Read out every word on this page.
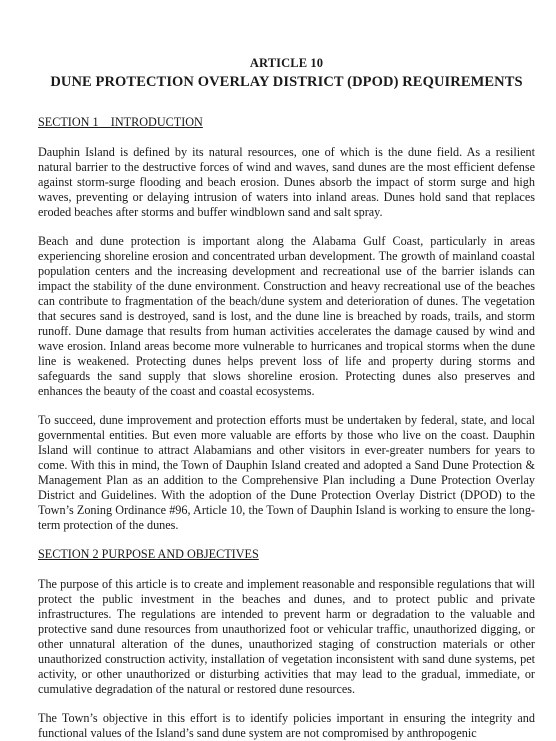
ARTICLE 10
DUNE PROTECTION OVERLAY DISTRICT (DPOD) REQUIREMENTS
SECTION 1    INTRODUCTION

Dauphin Island is defined by its natural resources, one of which is the dune field. As a resilient natural barrier to the destructive forces of wind and waves, sand dunes are the most efficient defense against storm-surge flooding and beach erosion. Dunes absorb the impact of storm surge and high waves, preventing or delaying intrusion of waters into inland areas. Dunes hold sand that replaces eroded beaches after storms and buffer windblown sand and salt spray.

Beach and dune protection is important along the Alabama Gulf Coast, particularly in areas experiencing shoreline erosion and concentrated urban development. The growth of mainland coastal population centers and the increasing development and recreational use of the barrier islands can impact the stability of the dune environment. Construction and heavy recreational use of the beaches can contribute to fragmentation of the beach/dune system and deterioration of dunes. The vegetation that secures sand is destroyed, sand is lost, and the dune line is breached by roads, trails, and storm runoff. Dune damage that results from human activities accelerates the damage caused by wind and wave erosion. Inland areas become more vulnerable to hurricanes and tropical storms when the dune line is weakened. Protecting dunes helps prevent loss of life and property during storms and safeguards the sand supply that slows shoreline erosion. Protecting dunes also preserves and enhances the beauty of the coast and coastal ecosystems.

To succeed, dune improvement and protection efforts must be undertaken by federal, state, and local governmental entities. But even more valuable are efforts by those who live on the coast. Dauphin Island will continue to attract Alabamians and other visitors in ever-greater numbers for years to come. With this in mind, the Town of Dauphin Island created and adopted a Sand Dune Protection & Management Plan as an addition to the Comprehensive Plan including a Dune Protection Overlay District and Guidelines. With the adoption of the Dune Protection Overlay District (DPOD) to the Town’s Zoning Ordinance #96, Article 10, the Town of Dauphin Island is working to ensure the long-term protection of the dunes.

SECTION 2 PURPOSE AND OBJECTIVES

The purpose of this article is to create and implement reasonable and responsible regulations that will protect the public investment in the beaches and dunes, and to protect public and private infrastructures. The regulations are intended to prevent harm or degradation to the valuable and protective sand dune resources from unauthorized foot or vehicular traffic, unauthorized digging, or other unnatural alteration of the dunes, unauthorized staging of construction materials or other unauthorized construction activity, installation of vegetation inconsistent with sand dune systems, pet activity, or other unauthorized or disturbing activities that may lead to the gradual, immediate, or cumulative degradation of the natural or restored dune resources.

The Town’s objective in this effort is to identify policies important in ensuring the integrity and functional values of the Island’s sand dune system are not compromised by anthropogenic
